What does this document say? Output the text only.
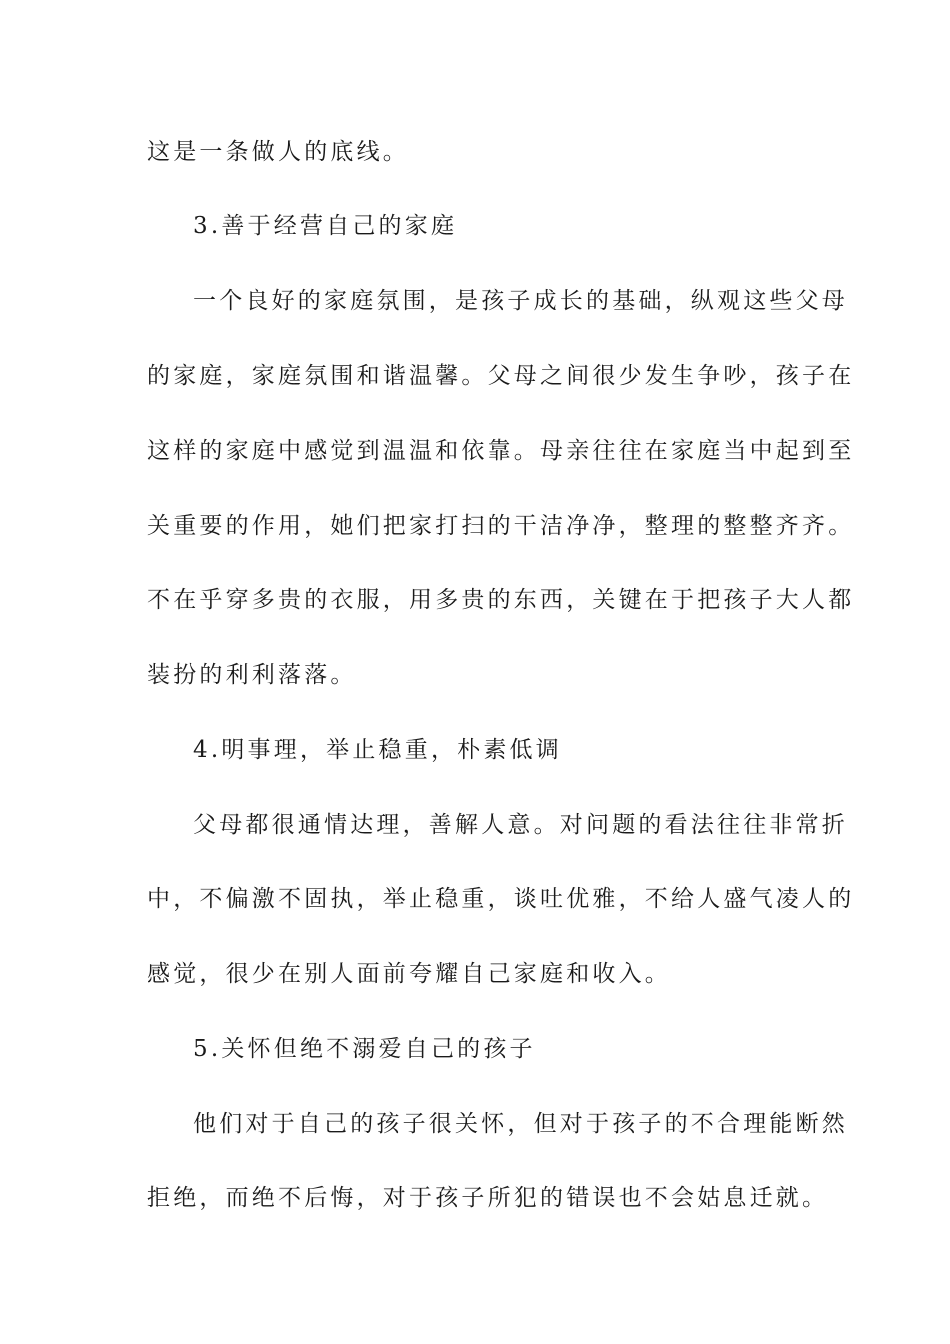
这是一条做人的底线。
3.善于经营自己的家庭
一个良好的家庭氛围，是孩子成长的基础，纵观这些父母
的家庭，家庭氛围和谐温馨。父母之间很少发生争吵，孩子在
这样的家庭中感觉到温温和依靠。母亲往往在家庭当中起到至
关重要的作用，她们把家打扫的干洁净净，整理的整整齐齐。
不在乎穿多贵的衣服，用多贵的东西，关键在于把孩子大人都
装扮的利利落落。
4.明事理，举止稳重，朴素低调
父母都很通情达理，善解人意。对问题的看法往往非常折
中，不偏激不固执，举止稳重，谈吐优雅，不给人盛气凌人的
感觉，很少在别人面前夸耀自己家庭和收入。
5.关怀但绝不溺爱自己的孩子
他们对于自己的孩子很关怀，但对于孩子的不合理能断然
拒绝，而绝不后悔，对于孩子所犯的错误也不会姑息迁就。
